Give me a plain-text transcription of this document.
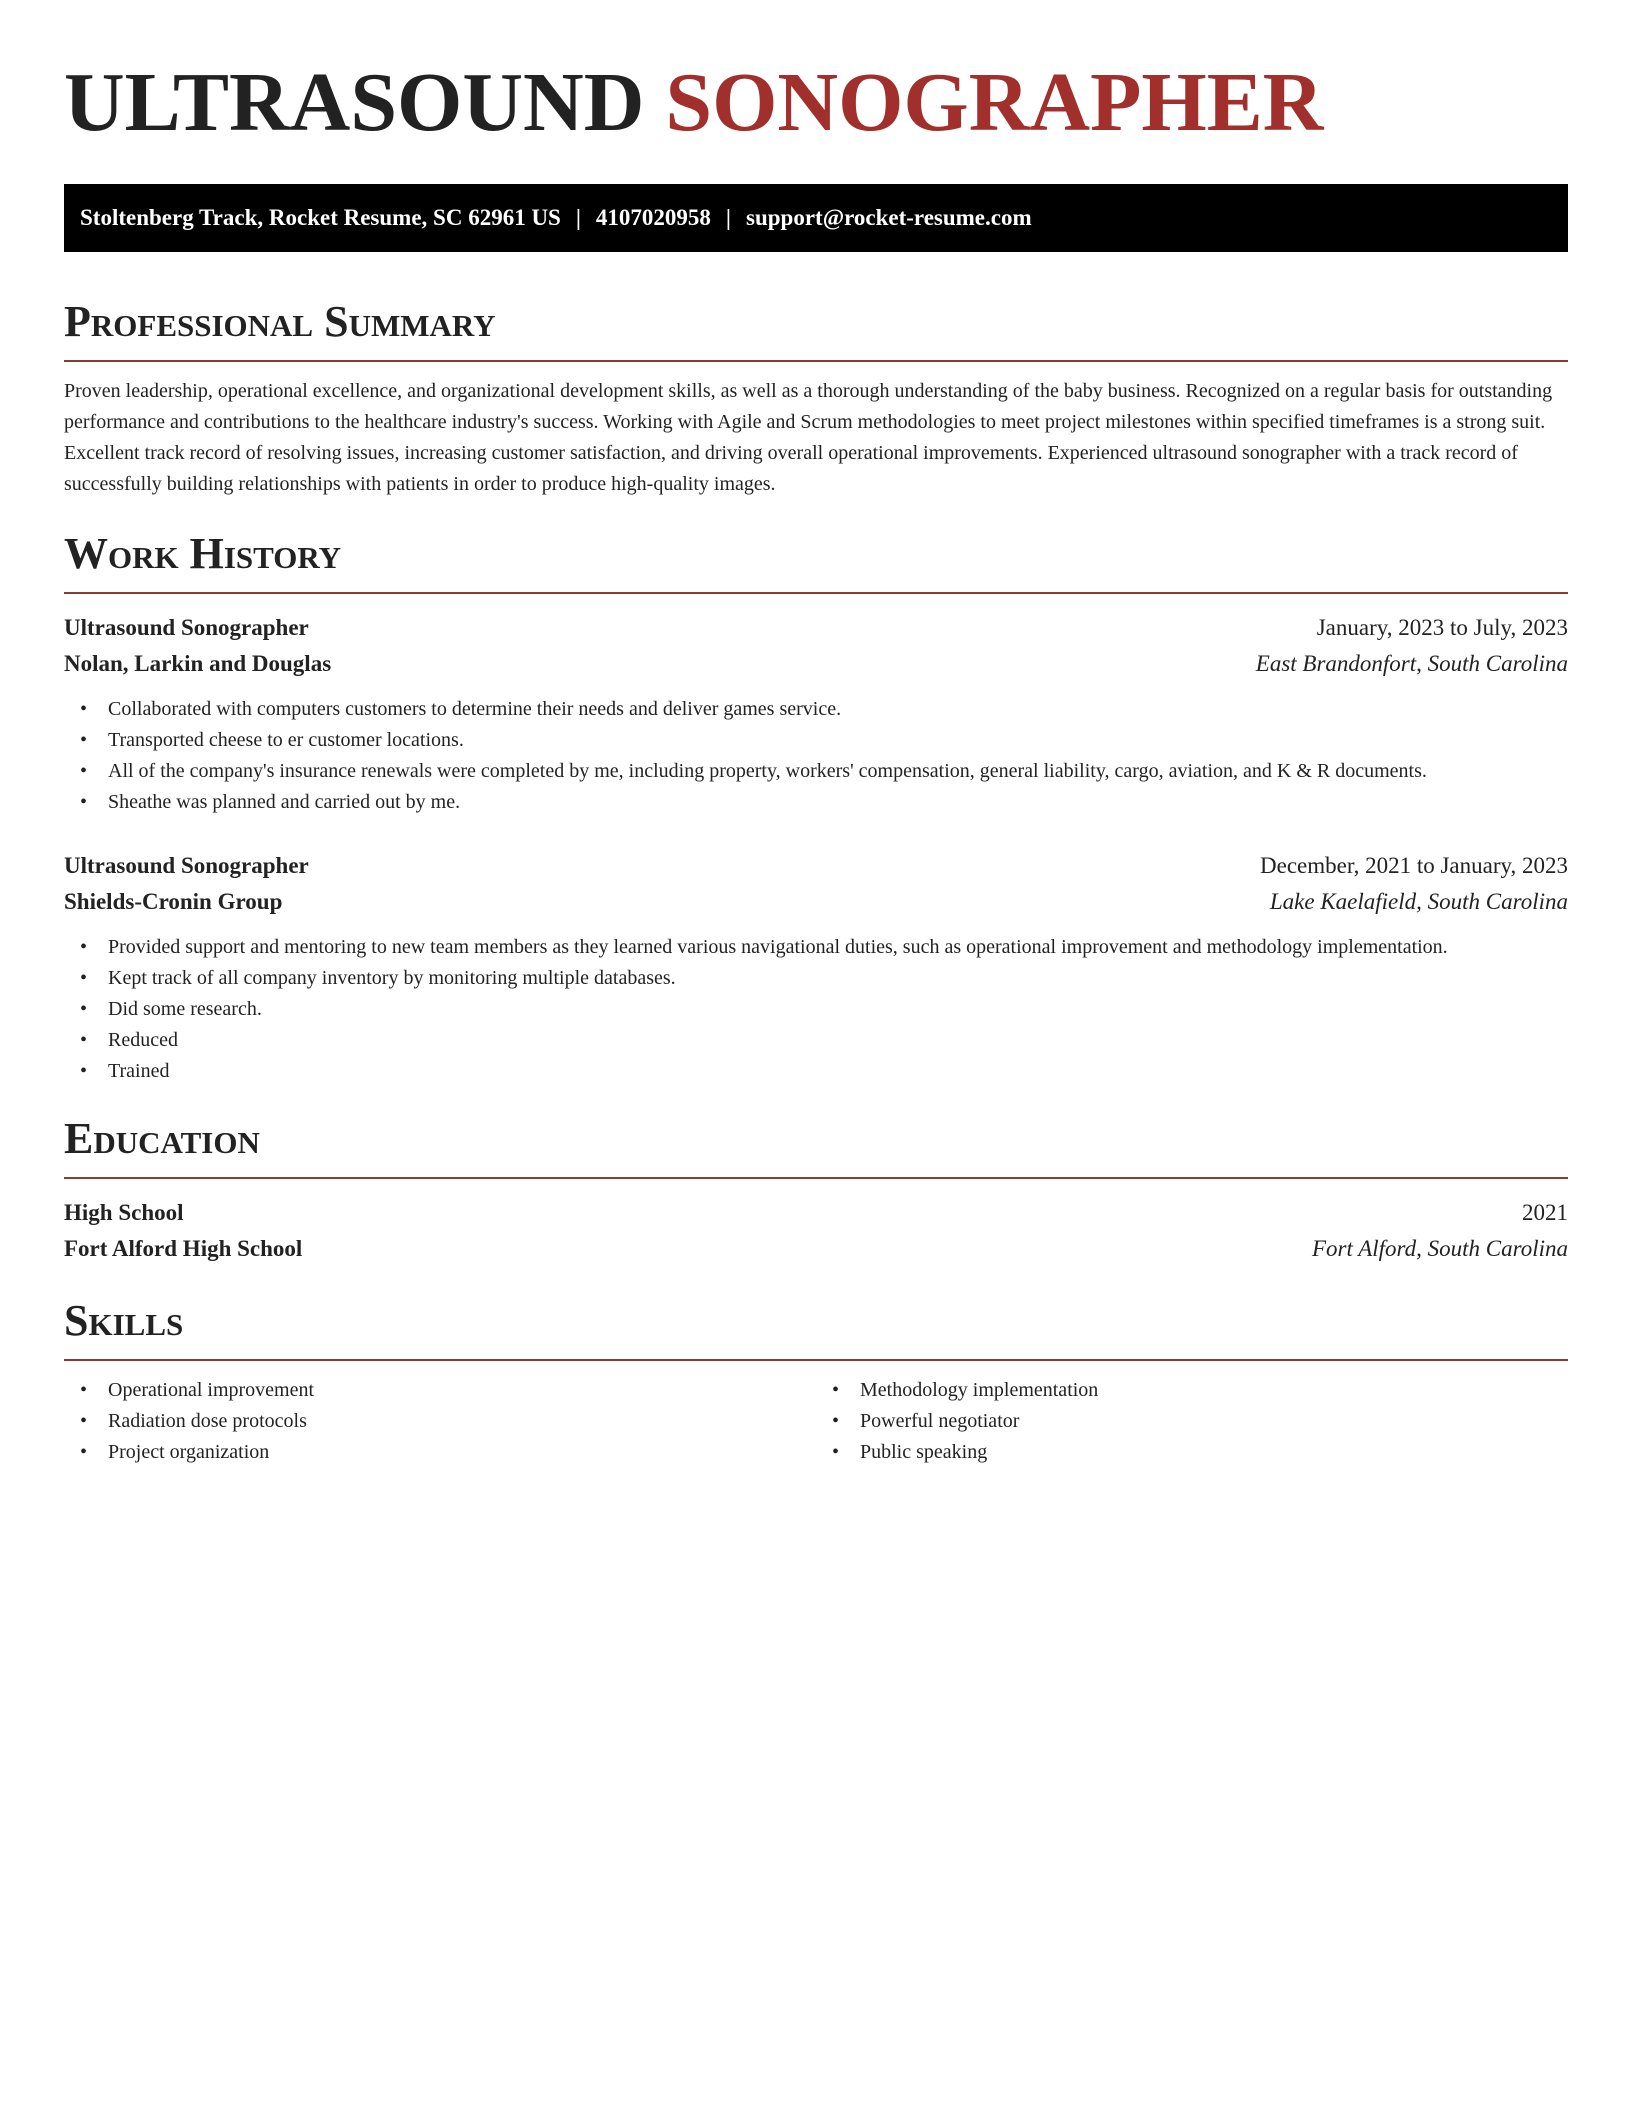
ULTRASOUND SONOGRAPHER
Stoltenberg Track, Rocket Resume, SC 62961 US | 4107020958 | support@rocket-resume.com
Professional Summary

Proven leadership, operational excellence, and organizational development skills, as well as a thorough understanding of the baby business. Recognized on a regular basis for outstanding performance and contributions to the healthcare industry's success. Working with Agile and Scrum methodologies to meet project milestones within specified timeframes is a strong suit. Excellent track record of resolving issues, increasing customer satisfaction, and driving overall operational improvements. Experienced ultrasound sonographer with a track record of successfully building relationships with patients in order to produce high-quality images.

Work History
Ultrasound Sonographer	January, 2023 to July, 2023
Nolan, Larkin and Douglas	East Brandonfort, South Carolina
• Collaborated with computers customers to determine their needs and deliver games service.
• Transported cheese to er customer locations.
• All of the company's insurance renewals were completed by me, including property, workers' compensation, general liability, cargo, aviation, and K & R documents.
• Sheathe was planned and carried out by me.
Ultrasound Sonographer	December, 2021 to January, 2023
Shields-Cronin Group	Lake Kaelafield, South Carolina
• Provided support and mentoring to new team members as they learned various navigational duties, such as operational improvement and methodology implementation.
• Kept track of all company inventory by monitoring multiple databases.
• Did some research.
• Reduced
• Trained
Education
High School	2021
Fort Alford High School	Fort Alford, South Carolina
Skills
• Operational improvement
• Radiation dose protocols
• Project organization
• Methodology implementation
• Powerful negotiator
• Public speaking
